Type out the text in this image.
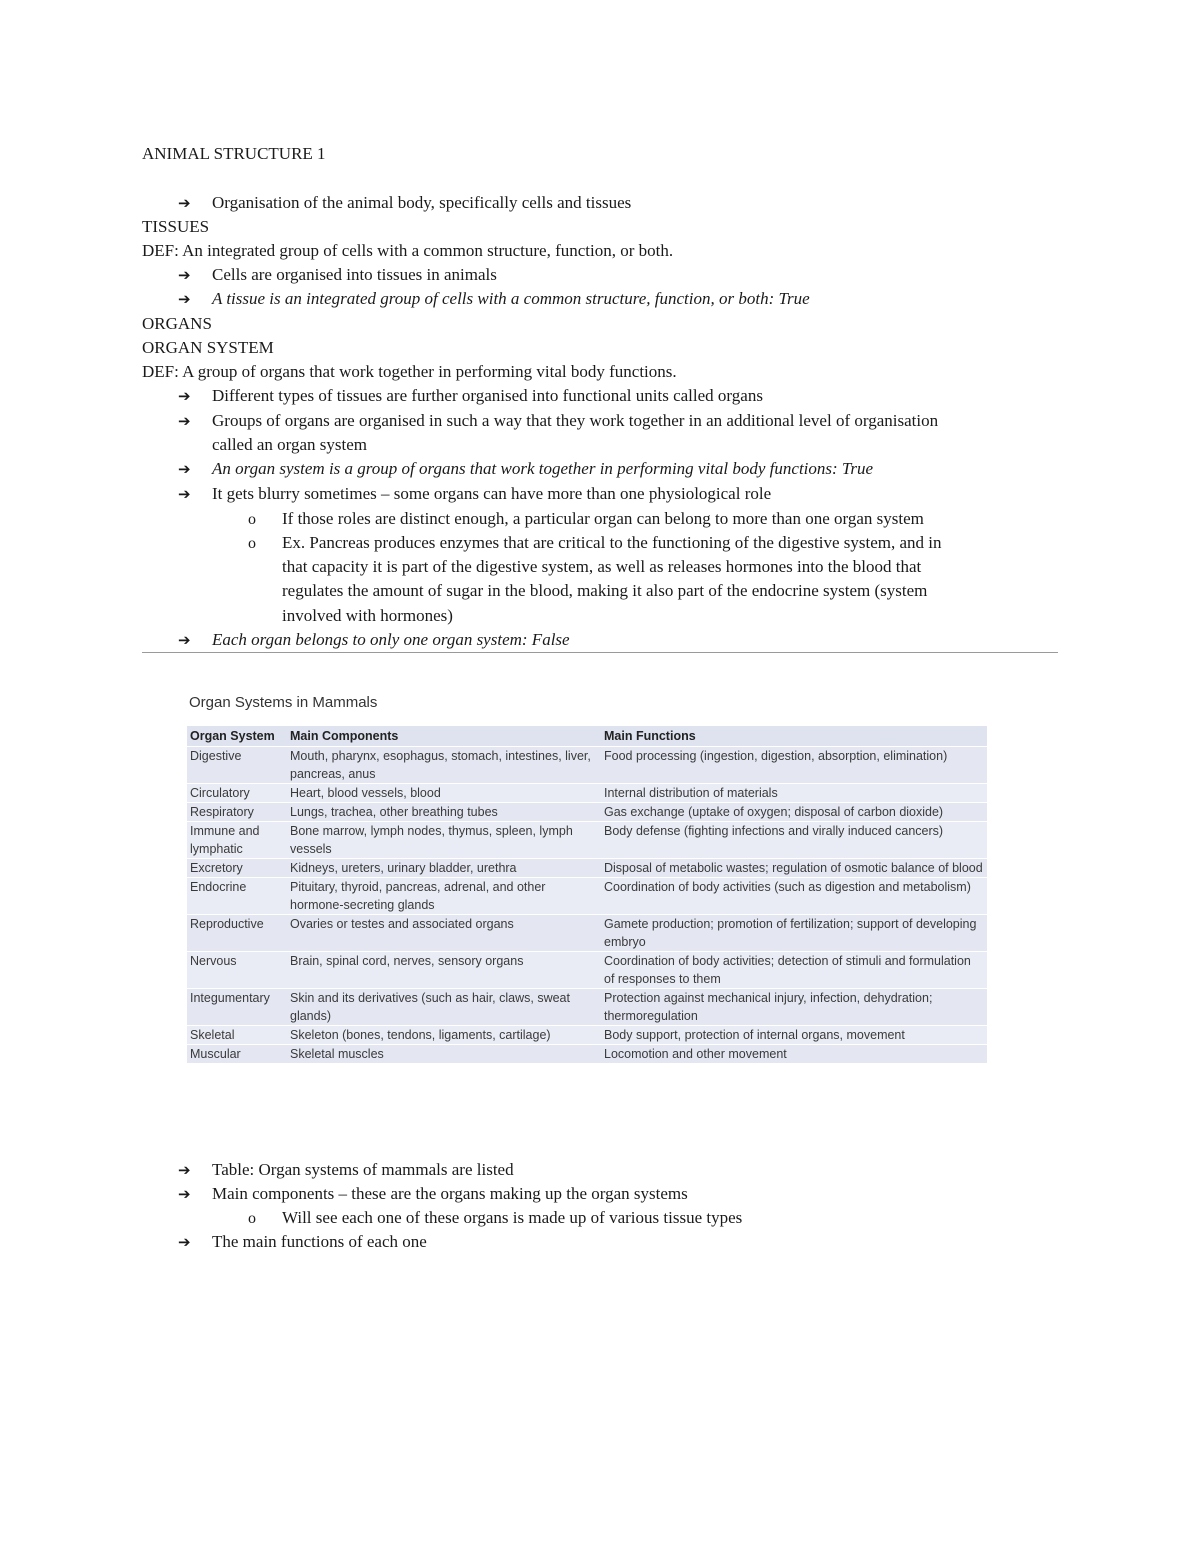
ANIMAL STRUCTURE 1
➔ Organisation of the animal body, specifically cells and tissues
TISSUES
DEF: An integrated group of cells with a common structure, function, or both.
➔ Cells are organised into tissues in animals
➔ A tissue is an integrated group of cells with a common structure, function, or both: True
ORGANS
ORGAN SYSTEM
DEF: A group of organs that work together in performing vital body functions.
➔ Different types of tissues are further organised into functional units called organs
➔ Groups of organs are organised in such a way that they work together in an additional level of organisation
called an organ system
➔ An organ system is a group of organs that work together in performing vital body functions: True
➔ It gets blurry sometimes – some organs can have more than one physiological role
o If those roles are distinct enough, a particular organ can belong to more than one organ system
o Ex. Pancreas produces enzymes that are critical to the functioning of the digestive system, and in
that capacity it is part of the digestive system, as well as releases hormones into the blood that
regulates the amount of sugar in the blood, making it also part of the endocrine system (system
involved with hormones)
➔ Each organ belongs to only one organ system: False
Organ Systems in Mammals
Organ System	Main Components	Main Functions
Digestive	Mouth, pharynx, esophagus, stomach, intestines, liver, pancreas, anus	Food processing (ingestion, digestion, absorption, elimination)
Circulatory	Heart, blood vessels, blood	Internal distribution of materials
Respiratory	Lungs, trachea, other breathing tubes	Gas exchange (uptake of oxygen; disposal of carbon dioxide)
Immune and lymphatic	Bone marrow, lymph nodes, thymus, spleen, lymph vessels	Body defense (fighting infections and virally induced cancers)
Excretory	Kidneys, ureters, urinary bladder, urethra	Disposal of metabolic wastes; regulation of osmotic balance of blood
Endocrine	Pituitary, thyroid, pancreas, adrenal, and other hormone-secreting glands	Coordination of body activities (such as digestion and metabolism)
Reproductive	Ovaries or testes and associated organs	Gamete production; promotion of fertilization; support of developing embryo
Nervous	Brain, spinal cord, nerves, sensory organs	Coordination of body activities; detection of stimuli and formulation of responses to them
Integumentary	Skin and its derivatives (such as hair, claws, sweat glands)	Protection against mechanical injury, infection, dehydration; thermoregulation
Skeletal	Skeleton (bones, tendons, ligaments, cartilage)	Body support, protection of internal organs, movement
Muscular	Skeletal muscles	Locomotion and other movement
➔ Table: Organ systems of mammals are listed
➔ Main components – these are the organs making up the organ systems
o Will see each one of these organs is made up of various tissue types
➔ The main functions of each one
